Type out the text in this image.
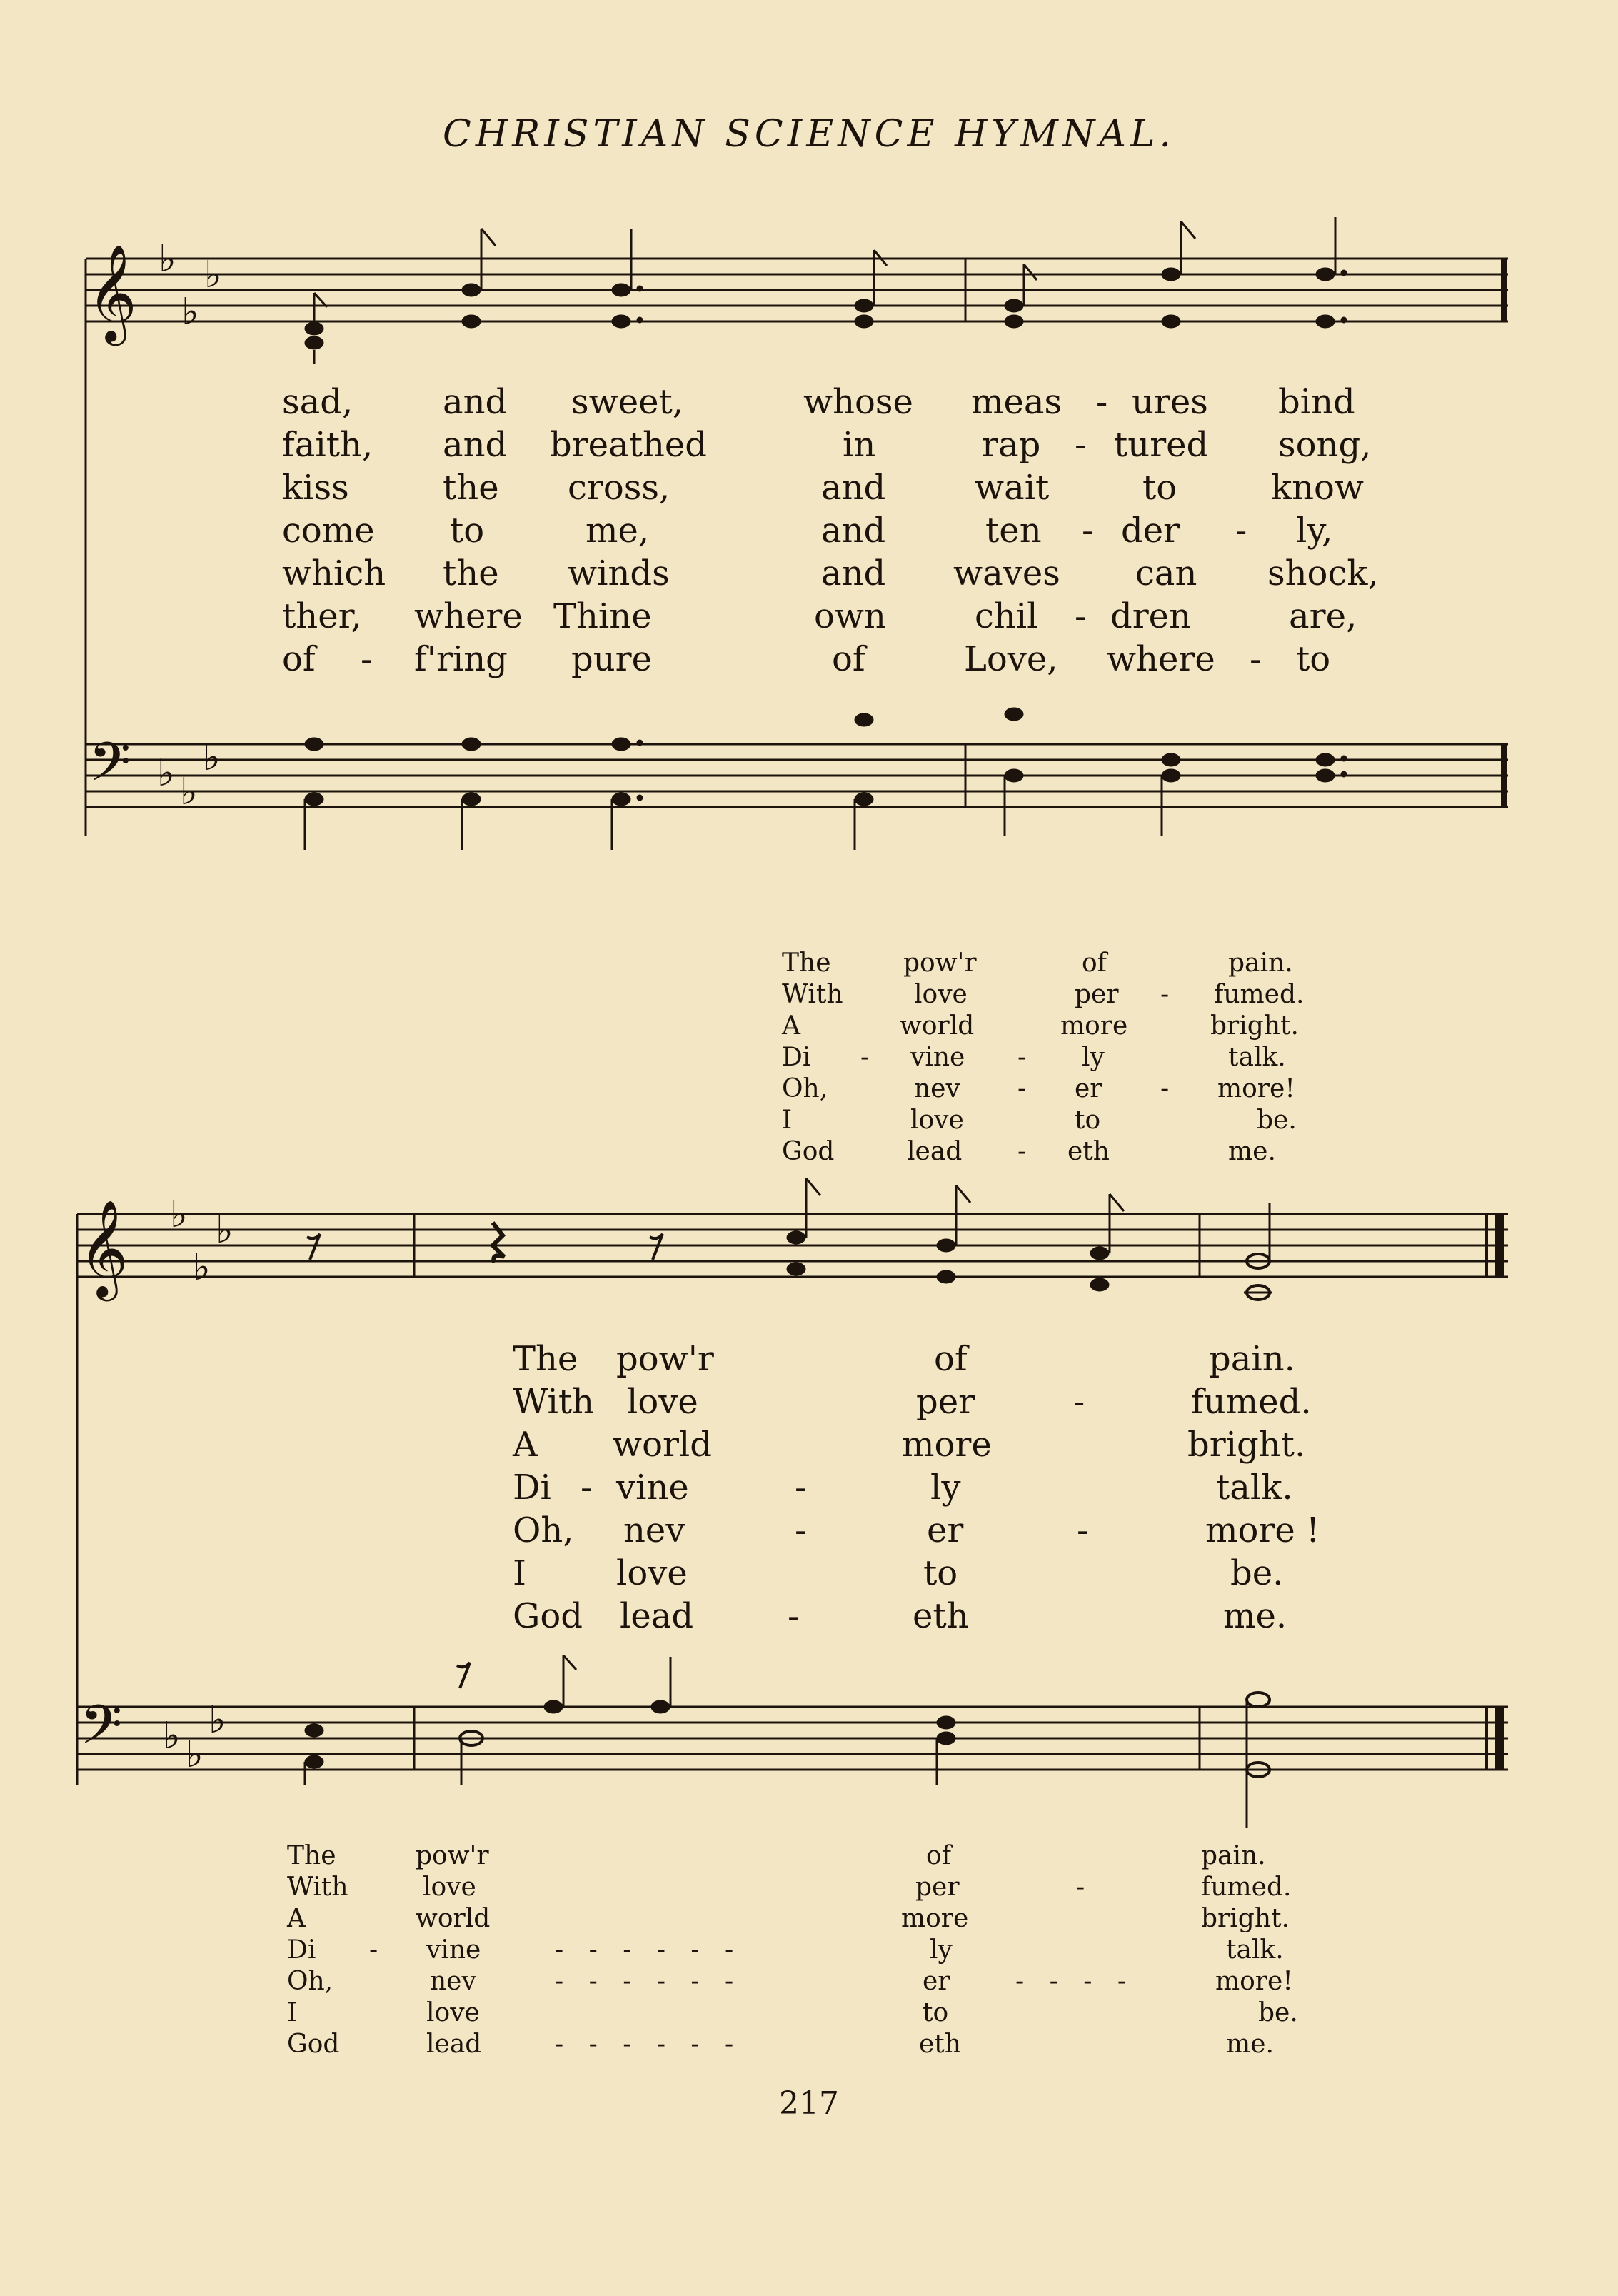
CHRISTIAN SCIENCE HYMNAL.
𝄞 ♭ ♭
♭
sad,	and sweet,	whose meas - ures bind
faith, and breathed	in	rap - tured song,
kiss	the cross,	and	wait	to	know
come to	me,	and	ten - der - ly,
which the winds	and waves can shock,
ther, where Thine	own	chil - dren	are,
of - f'ring pure	of	Love, where - to
𝄢 ♭ ♭
♭
The	pow'r	of	pain.
With	love	per - fumed.
A	world	more	bright.
Di - vine - ly	talk.
Oh,	nev - er - more!
I	love	to	be.
God	lead - eth	me.
𝄞 ♭ ♭
♭
The pow'r	of	pain.
With love	per	-	fumed.
A world	more	bright.
Di - vine	-	ly	talk.
Oh, nev	-	er	-	more !
I	love	to	be.
God lead	-	eth	me.
𝄢 ♭ ♭
♭
The	pow'r	of	pain.
With	love	per	-	fumed.
A	world	more	bright.
Di - vine	- - - - - -	ly	talk.
Oh,	nev	- - - - - -	er	- - - -	more!
I	love	to	be.
God	lead	- - - - - -	eth	me.
217
